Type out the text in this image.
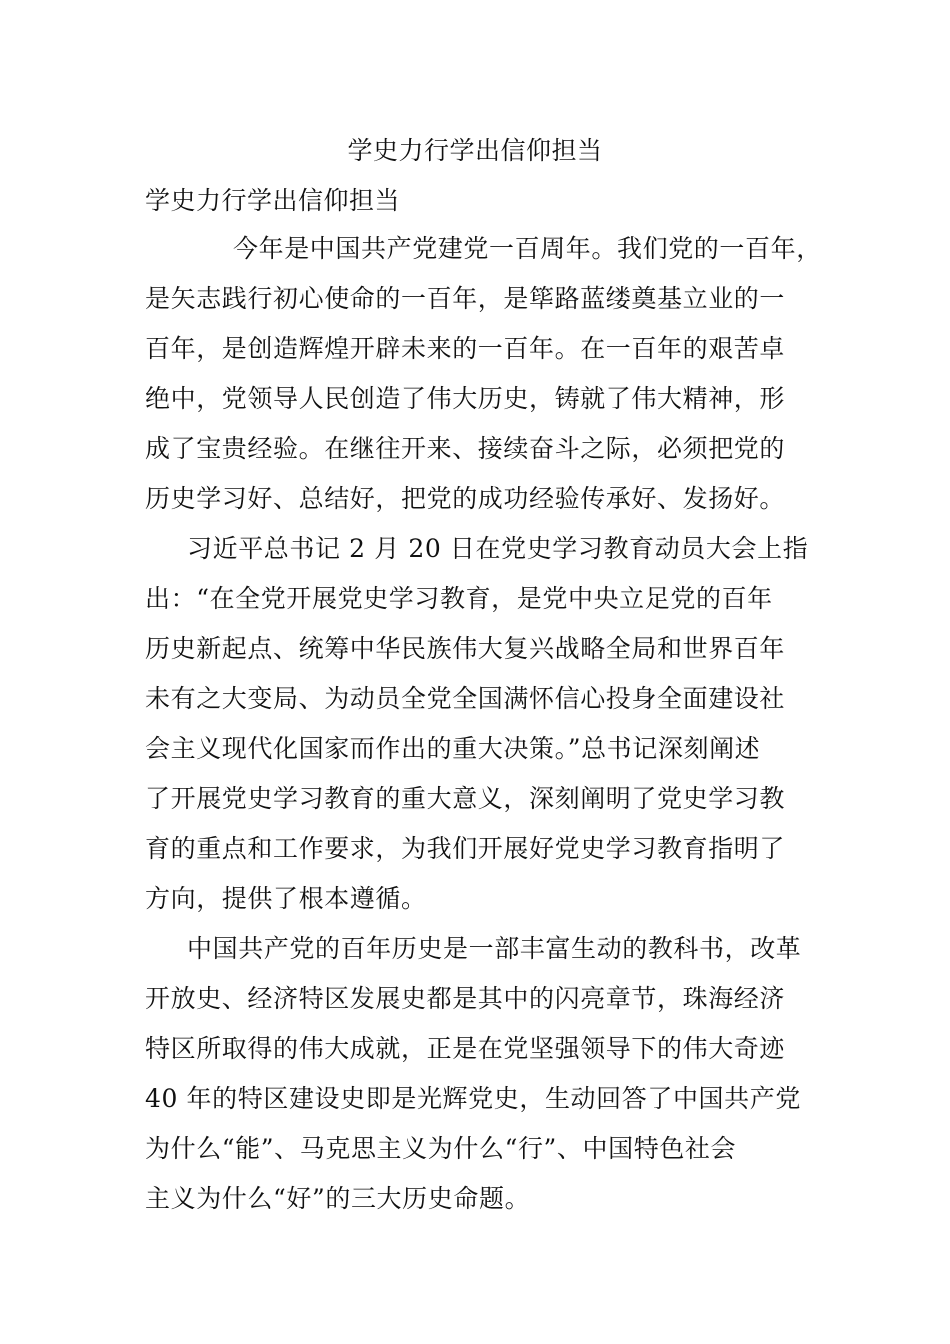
学史力行学出信仰担当
学史力行学出信仰担当
今年是中国共产党建党一百周年。我们党的一百年，
是矢志践行初心使命的一百年，是筚路蓝缕奠基立业的一
百年，是创造辉煌开辟未来的一百年。在一百年的艰苦卓
绝中，党领导人民创造了伟大历史，铸就了伟大精神，形
成了宝贵经验。在继往开来、接续奋斗之际，必须把党的
历史学习好、总结好，把党的成功经验传承好、发扬好。
习近平总书记 2 月 20 日在党史学习教育动员大会上指
出：“在全党开展党史学习教育，是党中央立足党的百年
历史新起点、统筹中华民族伟大复兴战略全局和世界百年
未有之大变局、为动员全党全国满怀信心投身全面建设社
会主义现代化国家而作出的重大决策。”总书记深刻阐述
了开展党史学习教育的重大意义，深刻阐明了党史学习教
育的重点和工作要求，为我们开展好党史学习教育指明了
方向，提供了根本遵循。
中国共产党的百年历史是一部丰富生动的教科书，改革
开放史、经济特区发展史都是其中的闪亮章节，珠海经济
特区所取得的伟大成就，正是在党坚强领导下的伟大奇迹
40 年的特区建设史即是光辉党史，生动回答了中国共产党
为什么“能”、马克思主义为什么“行”、中国特色社会
主义为什么“好”的三大历史命题。
